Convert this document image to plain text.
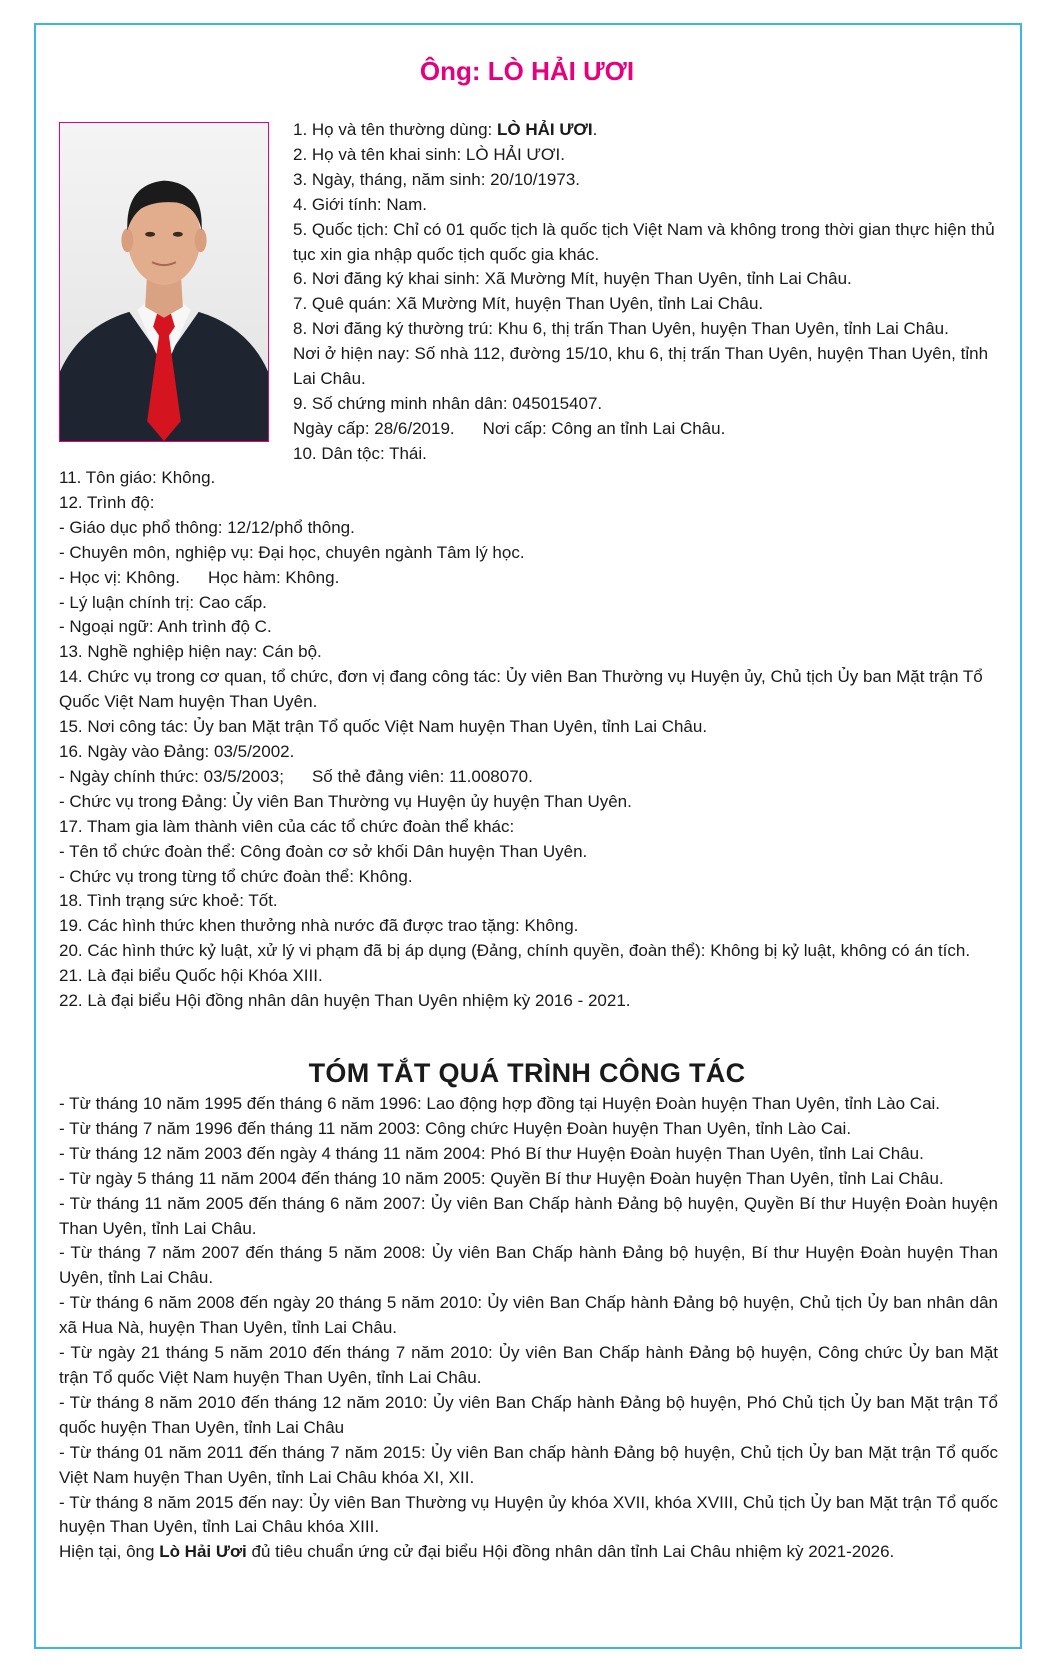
Ông: LÒ HẢI ƯƠI
1. Họ và tên thường dùng: LÒ HẢI ƯƠI.
2. Họ và tên khai sinh: LÒ HẢI ƯƠI.
3. Ngày, tháng, năm sinh: 20/10/1973.
4. Giới tính: Nam.
5. Quốc tịch: Chỉ có 01 quốc tịch là quốc tịch Việt Nam và không trong thời gian thực hiện thủ tục xin gia nhập quốc tịch quốc gia khác.
6. Nơi đăng ký khai sinh: Xã Mường Mít, huyện Than Uyên, tỉnh Lai Châu.
7. Quê quán: Xã Mường Mít, huyện Than Uyên, tỉnh Lai Châu.
8. Nơi đăng ký thường trú: Khu 6, thị trấn Than Uyên, huyện Than Uyên, tỉnh Lai Châu.
Nơi ở hiện nay: Số nhà 112, đường 15/10, khu 6, thị trấn Than Uyên, huyện Than Uyên, tỉnh Lai Châu.
9. Số chứng minh nhân dân: 045015407.
Ngày cấp: 28/6/2019. Nơi cấp: Công an tỉnh Lai Châu.
10. Dân tộc: Thái.
11. Tôn giáo: Không.
12. Trình độ:
- Giáo dục phổ thông: 12/12/phổ thông.
- Chuyên môn, nghiệp vụ: Đại học, chuyên ngành Tâm lý học.
- Học vị: Không. Học hàm: Không.
- Lý luận chính trị: Cao cấp.
- Ngoại ngữ: Anh trình độ C.
13. Nghề nghiệp hiện nay: Cán bộ.
14. Chức vụ trong cơ quan, tổ chức, đơn vị đang công tác: Ủy viên Ban Thường vụ Huyện ủy, Chủ tịch Ủy ban Mặt trận Tổ Quốc Việt Nam huyện Than Uyên.
15. Nơi công tác: Ủy ban Mặt trận Tổ quốc Việt Nam huyện Than Uyên, tỉnh Lai Châu.
16. Ngày vào Đảng: 03/5/2002.
- Ngày chính thức: 03/5/2003; Số thẻ đảng viên: 11.008070.
- Chức vụ trong Đảng: Ủy viên Ban Thường vụ Huyện ủy huyện Than Uyên.
17. Tham gia làm thành viên của các tổ chức đoàn thể khác:
- Tên tổ chức đoàn thể: Công đoàn cơ sở khối Dân huyện Than Uyên.
- Chức vụ trong từng tổ chức đoàn thể: Không.
18. Tình trạng sức khoẻ: Tốt.
19. Các hình thức khen thưởng nhà nước đã được trao tặng: Không.
20. Các hình thức kỷ luật, xử lý vi phạm đã bị áp dụng (Đảng, chính quyền, đoàn thể): Không bị kỷ luật, không có án tích.
21. Là đại biểu Quốc hội Khóa XIII.
22. Là đại biểu Hội đồng nhân dân huyện Than Uyên nhiệm kỳ 2016 - 2021.
TÓM TẮT QUÁ TRÌNH CÔNG TÁC
- Từ tháng 10 năm 1995 đến tháng 6 năm 1996: Lao động hợp đồng tại Huyện Đoàn huyện Than Uyên, tỉnh Lào Cai.
- Từ tháng 7 năm 1996 đến tháng 11 năm 2003: Công chức Huyện Đoàn huyện Than Uyên, tỉnh Lào Cai.
- Từ tháng 12 năm 2003 đến ngày 4 tháng 11 năm 2004: Phó Bí thư Huyện Đoàn huyện Than Uyên, tỉnh Lai Châu.
- Từ ngày 5 tháng 11 năm 2004 đến tháng 10 năm 2005: Quyền Bí thư Huyện Đoàn huyện Than Uyên, tỉnh Lai Châu.
- Từ tháng 11 năm 2005 đến tháng 6 năm 2007: Ủy viên Ban Chấp hành Đảng bộ huyện, Quyền Bí thư Huyện Đoàn huyện Than Uyên, tỉnh Lai Châu.
- Từ tháng 7 năm 2007 đến tháng 5 năm 2008: Ủy viên Ban Chấp hành Đảng bộ huyện, Bí thư Huyện Đoàn huyện Than Uyên, tỉnh Lai Châu.
- Từ tháng 6 năm 2008 đến ngày 20 tháng 5 năm 2010: Ủy viên Ban Chấp hành Đảng bộ huyện, Chủ tịch Ủy ban nhân dân xã Hua Nà, huyện Than Uyên, tỉnh Lai Châu.
- Từ ngày 21 tháng 5 năm 2010 đến tháng 7 năm 2010: Ủy viên Ban Chấp hành Đảng bộ huyện, Công chức Ủy ban Mặt trận Tổ quốc Việt Nam huyện Than Uyên, tỉnh Lai Châu.
- Từ tháng 8 năm 2010 đến tháng 12 năm 2010: Ủy viên Ban Chấp hành Đảng bộ huyện, Phó Chủ tịch Ủy ban Mặt trận Tổ quốc huyện Than Uyên, tỉnh Lai Châu
- Từ tháng 01 năm 2011 đến tháng 7 năm 2015: Ủy viên Ban chấp hành Đảng bộ huyện, Chủ tịch Ủy ban Mặt trận Tổ quốc Việt Nam huyện Than Uyên, tỉnh Lai Châu khóa XI, XII.
- Từ tháng 8 năm 2015 đến nay: Ủy viên Ban Thường vụ Huyện ủy khóa XVII, khóa XVIII, Chủ tịch Ủy ban Mặt trận Tổ quốc huyện Than Uyên, tỉnh Lai Châu khóa XIII.
Hiện tại, ông Lò Hải Ươi đủ tiêu chuẩn ứng cử đại biểu Hội đồng nhân dân tỉnh Lai Châu nhiệm kỳ 2021-2026.
